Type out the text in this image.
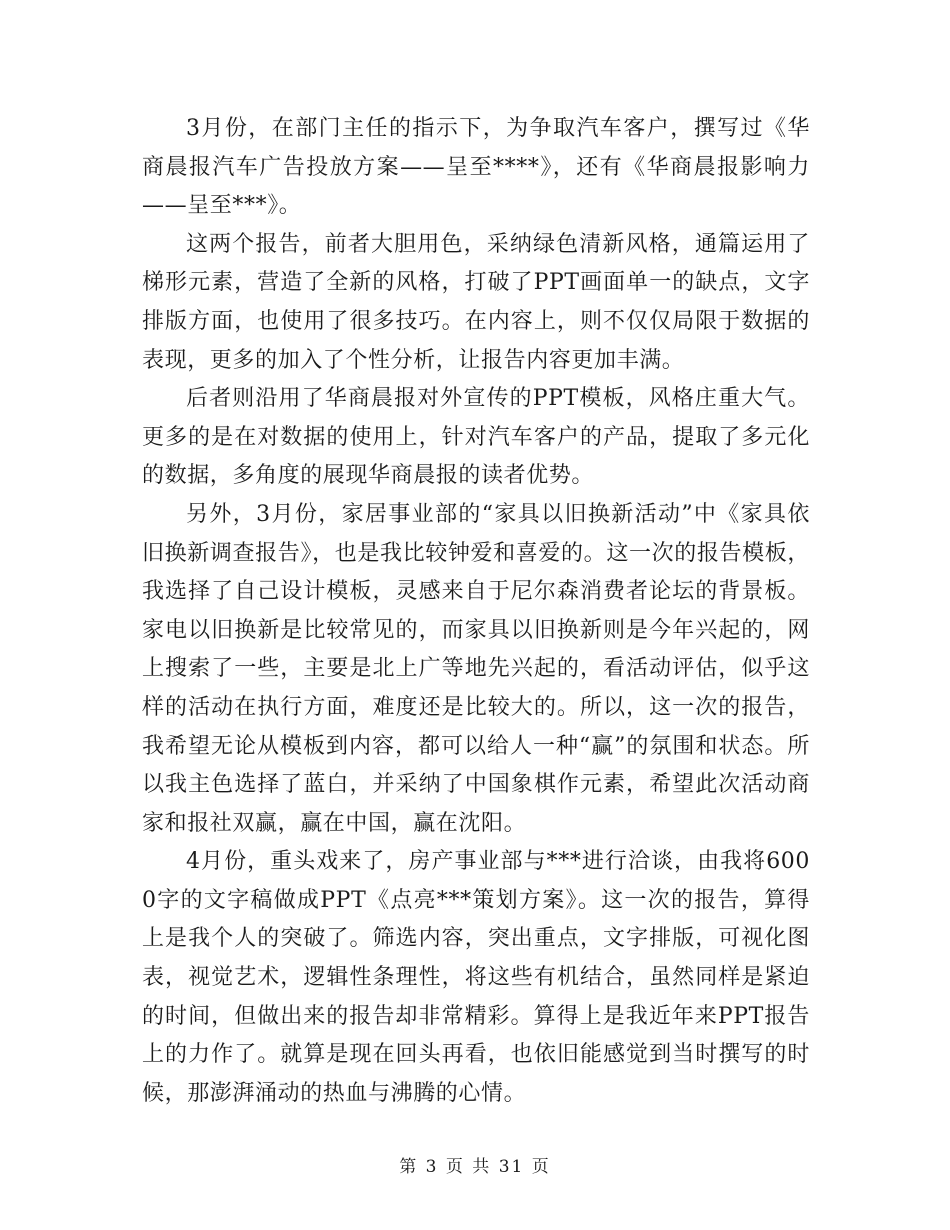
3月份，在部门主任的指示下，为争取汽车客户，撰写过《华商晨报汽车广告投放方案——呈至****》，还有《华商晨报影响力——呈至***》。

这两个报告，前者大胆用色，采纳绿色清新风格，通篇运用了梯形元素，营造了全新的风格，打破了PPT画面单一的缺点，文字排版方面，也使用了很多技巧。在内容上，则不仅仅局限于数据的表现，更多的加入了个性分析，让报告内容更加丰满。

后者则沿用了华商晨报对外宣传的PPT模板，风格庄重大气。更多的是在对数据的使用上，针对汽车客户的产品，提取了多元化的数据，多角度的展现华商晨报的读者优势。

另外，3月份，家居事业部的“家具以旧换新活动”中《家具依旧换新调查报告》，也是我比较钟爱和喜爱的。这一次的报告模板，我选择了自己设计模板，灵感来自于尼尔森消费者论坛的背景板。家电以旧换新是比较常见的，而家具以旧换新则是今年兴起的，网上搜索了一些，主要是北上广等地先兴起的，看活动评估，似乎这样的活动在执行方面，难度还是比较大的。所以，这一次的报告，我希望无论从模板到内容，都可以给人一种“赢”的氛围和状态。所以我主色选择了蓝白，并采纳了中国象棋作元素，希望此次活动商家和报社双赢，赢在中国，赢在沈阳。

4月份，重头戏来了，房产事业部与***进行洽谈，由我将6000字的文字稿做成PPT《点亮***策划方案》。这一次的报告，算得上是我个人的突破了。筛选内容，突出重点，文字排版，可视化图表，视觉艺术，逻辑性条理性，将这些有机结合，虽然同样是紧迫的时间，但做出来的报告却非常精彩。算得上是我近年来PPT报告上的力作了。就算是现在回头再看，也依旧能感觉到当时撰写的时候，那澎湃涌动的热血与沸腾的心情。

第 3 页 共 31 页
